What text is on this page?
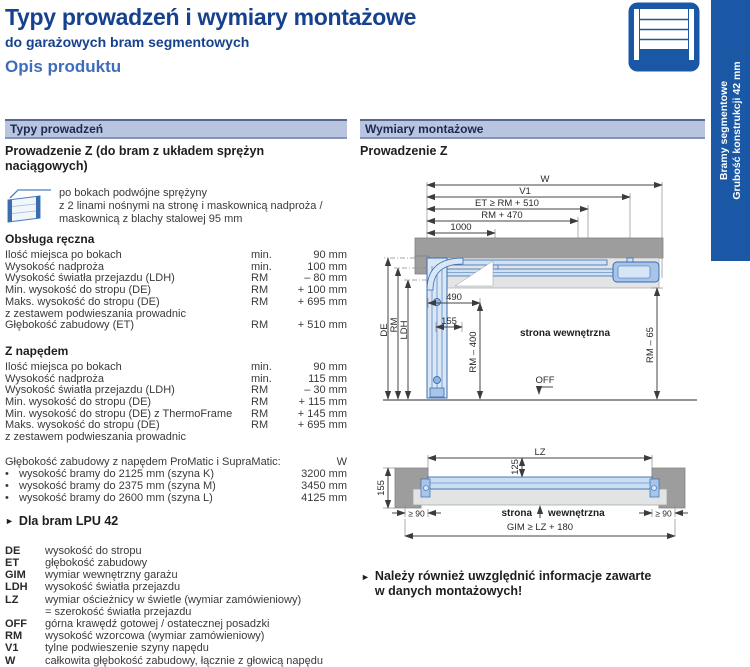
Typy prowadzeń i wymiary montażowe
do garażowych bram segmentowych
Opis produktu
Bramy segmentowe Grubość konstrukcji 42 mm
Typy prowadzeń
Prowadzenie Z (do bram z układem sprężyn naciągowych)
po bokach podwójne sprężyny
z 2 linami nośnymi na stronę i maskownicą nadproża /
maskownicą z blachy stalowej 95 mm
Obsługa ręczna
Ilość miejsca po bokach	min.	90 mm
Wysokość nadproża	min.	100 mm
Wysokość światła przejazdu (LDH)	RM	– 80 mm
Min. wysokość do stropu (DE)	RM	+ 100 mm
Maks. wysokość do stropu (DE)	RM	+ 695 mm
z zestawem podwieszania prowadnic
Głębokość zabudowy (ET)	RM	+ 510 mm
Z napędem
Ilość miejsca po bokach	min.	90 mm
Wysokość nadproża	min.	115 mm
Wysokość światła przejazdu (LDH)	RM	– 30 mm
Min. wysokość do stropu (DE)	RM	+ 115 mm
Min. wysokość do stropu (DE) z ThermoFrame	RM	+ 145 mm
Maks. wysokość do stropu (DE)	RM	+ 695 mm
z zestawem podwieszania prowadnic
Głębokość zabudowy z napędem ProMatic i SupraMatic:	W
• wysokość bramy do 2125 mm (szyna K)	3200 mm
• wysokość bramy do 2375 mm (szyna M)	3450 mm
• wysokość bramy do 2600 mm (szyna L)	4125 mm
► Dla bram LPU 42
DE	wysokość do stropu
ET	głębokość zabudowy
GIM	wymiar wewnętrzny garażu
LDH	wysokość światła przejazdu
LZ	wymiar ościeżnicy w świetle (wymiar zamówieniowy)
= szerokość światła przejazdu
OFF	górna krawędź gotowej / ostatecznej posadzki
RM	wysokość wzorcowa (wymiar zamówieniowy)
V1	tylne podwieszenie szyny napędu
W	całkowita głębokość zabudowy, łącznie z głowicą napędu
Wymiary montażowe
Prowadzenie Z
W
V1
ET ≥ RM + 510
RM + 470
1000
DE RM LDH
490
155
RM – 400	RM – 65
strona wewnętrzna
OFF
LZ
125
155
≥ 90	≥ 90
strona wewnętrzna
GIM ≥ LZ + 180
► Należy również uwzględnić informacje zawarte
w danych montażowych!
